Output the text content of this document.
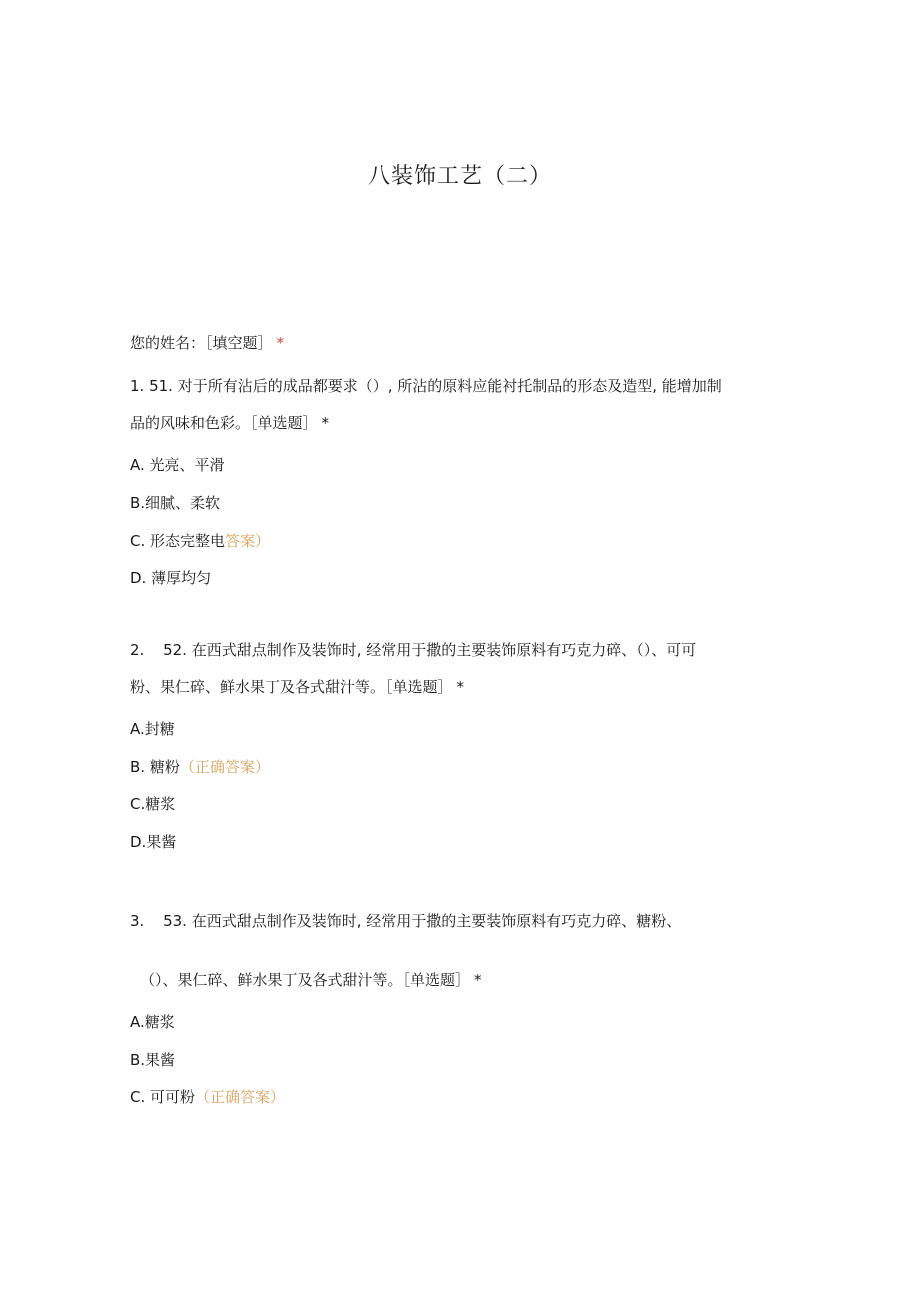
八装饰工艺（二）
您的姓名：［填空题］ *
1. 51. 对于所有沾后的成品都要求（）, 所沾的原料应能衬托制品的形态及造型, 能增加制
品的风味和色彩。［单选题］ *
A. 光亮、平滑
B.细腻、柔软
C. 形态完整电答案）
D. 薄厚均匀
2. 52. 在西式甜点制作及装饰时, 经常用于撒的主要装饰原料有巧克力碎、（）、可可
粉、果仁碎、鲜水果丁及各式甜汁等。［单选题］ *
A.封糖
B. 糖粉（正确答案）
C.糖浆
D.果酱
3. 53. 在西式甜点制作及装饰时, 经常用于撒的主要装饰原料有巧克力碎、糖粉、
（）、果仁碎、鲜水果丁及各式甜汁等。［单选题］ *
A.糖浆
B.果酱
C. 可可粉（正确答案）
